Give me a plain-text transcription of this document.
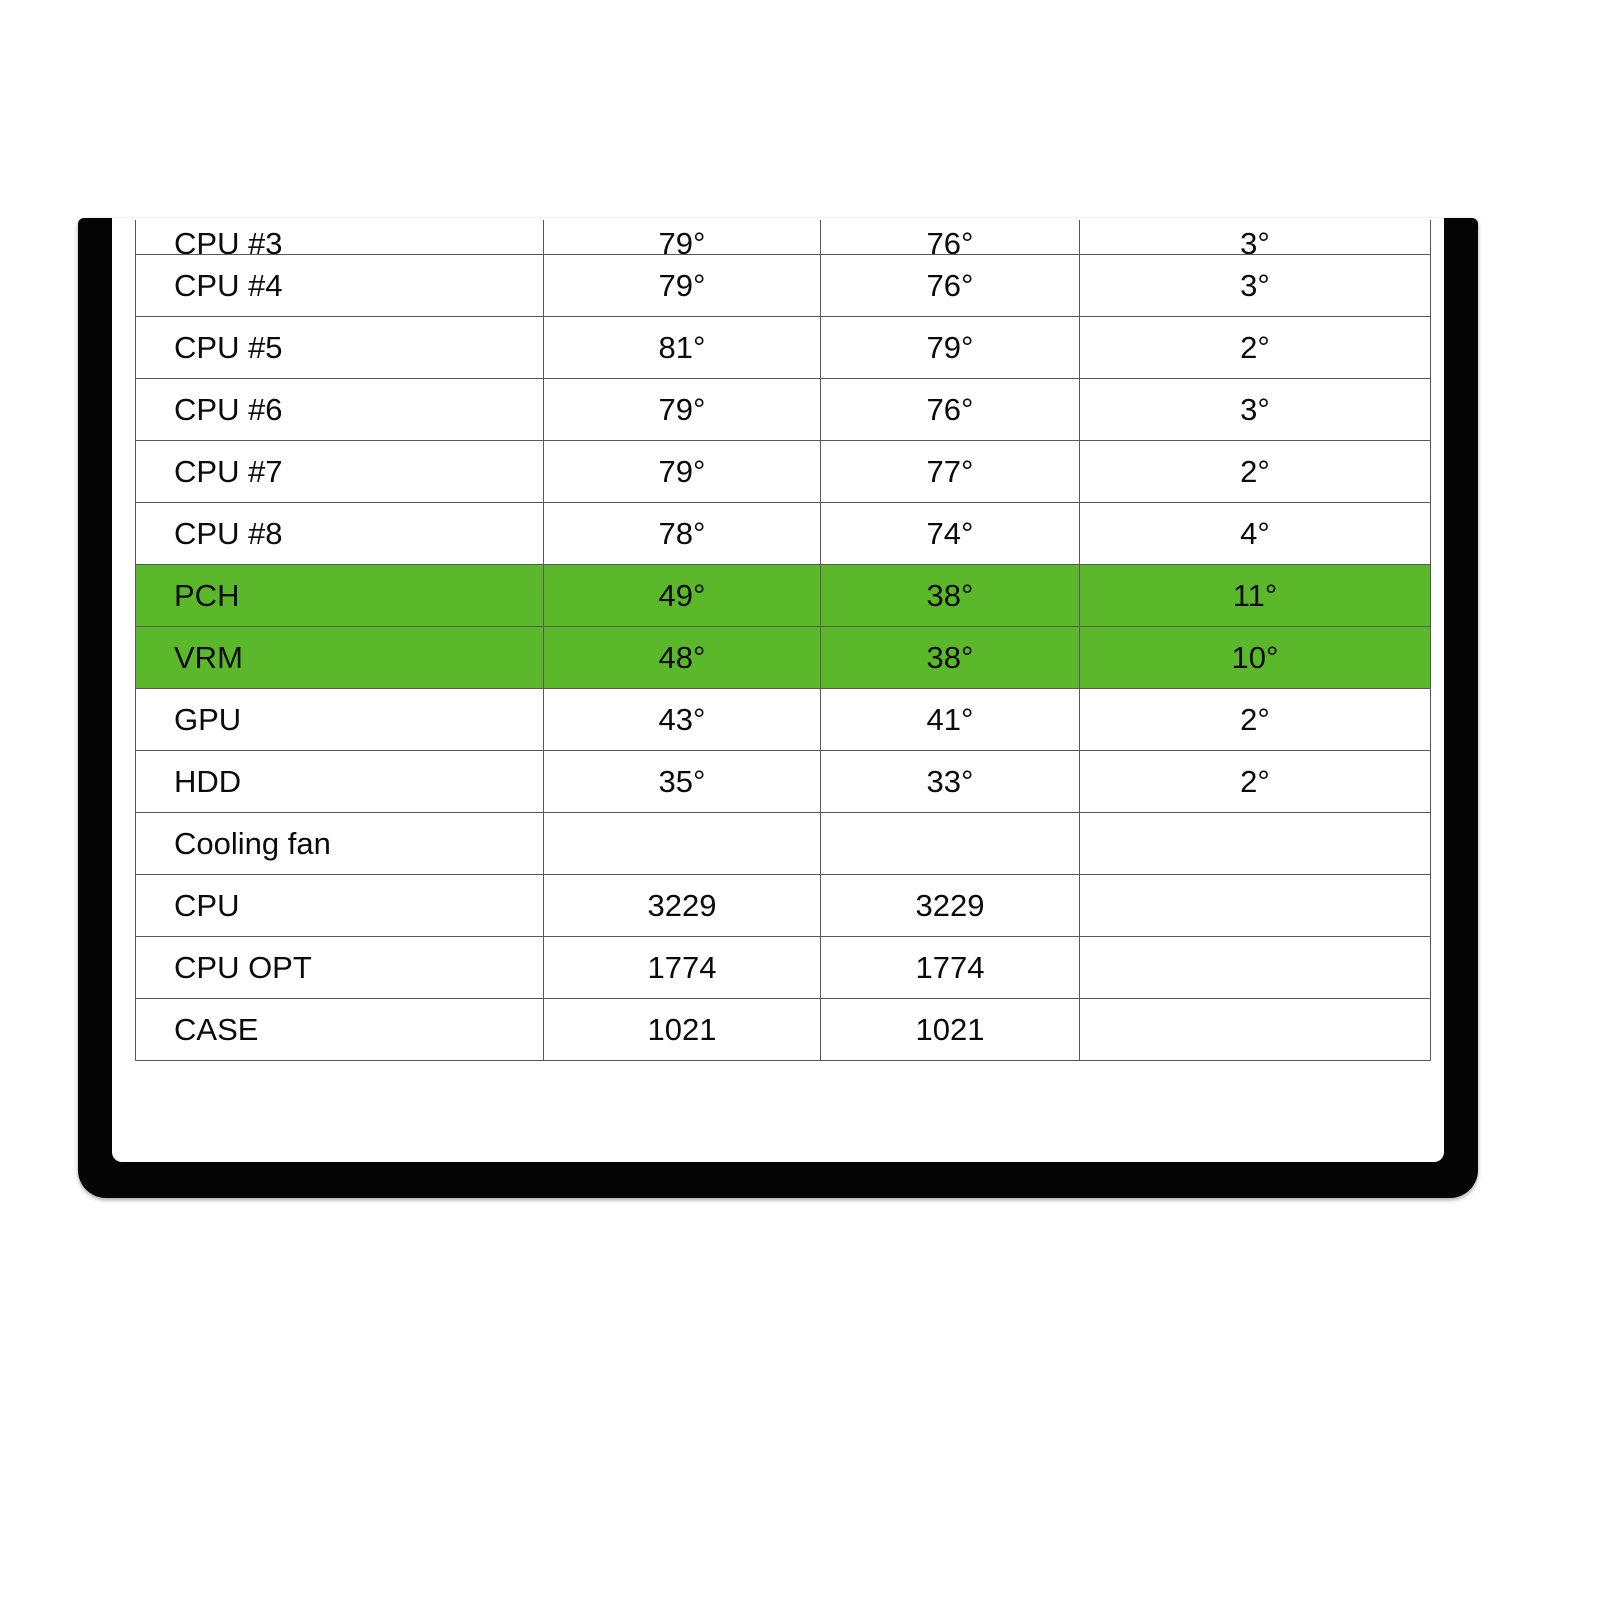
CPU #3	79°	76°	3°
CPU #4	79°	76°	3°
CPU #5	81°	79°	2°
CPU #6	79°	76°	3°
CPU #7	79°	77°	2°
CPU #8	78°	74°	4°
PCH	49°	38°	11°
VRM	48°	38°	10°
GPU	43°	41°	2°
HDD	35°	33°	2°
Cooling fan			
CPU	3229	3229	
CPU OPT	1774	1774	
CASE	1021	1021	
